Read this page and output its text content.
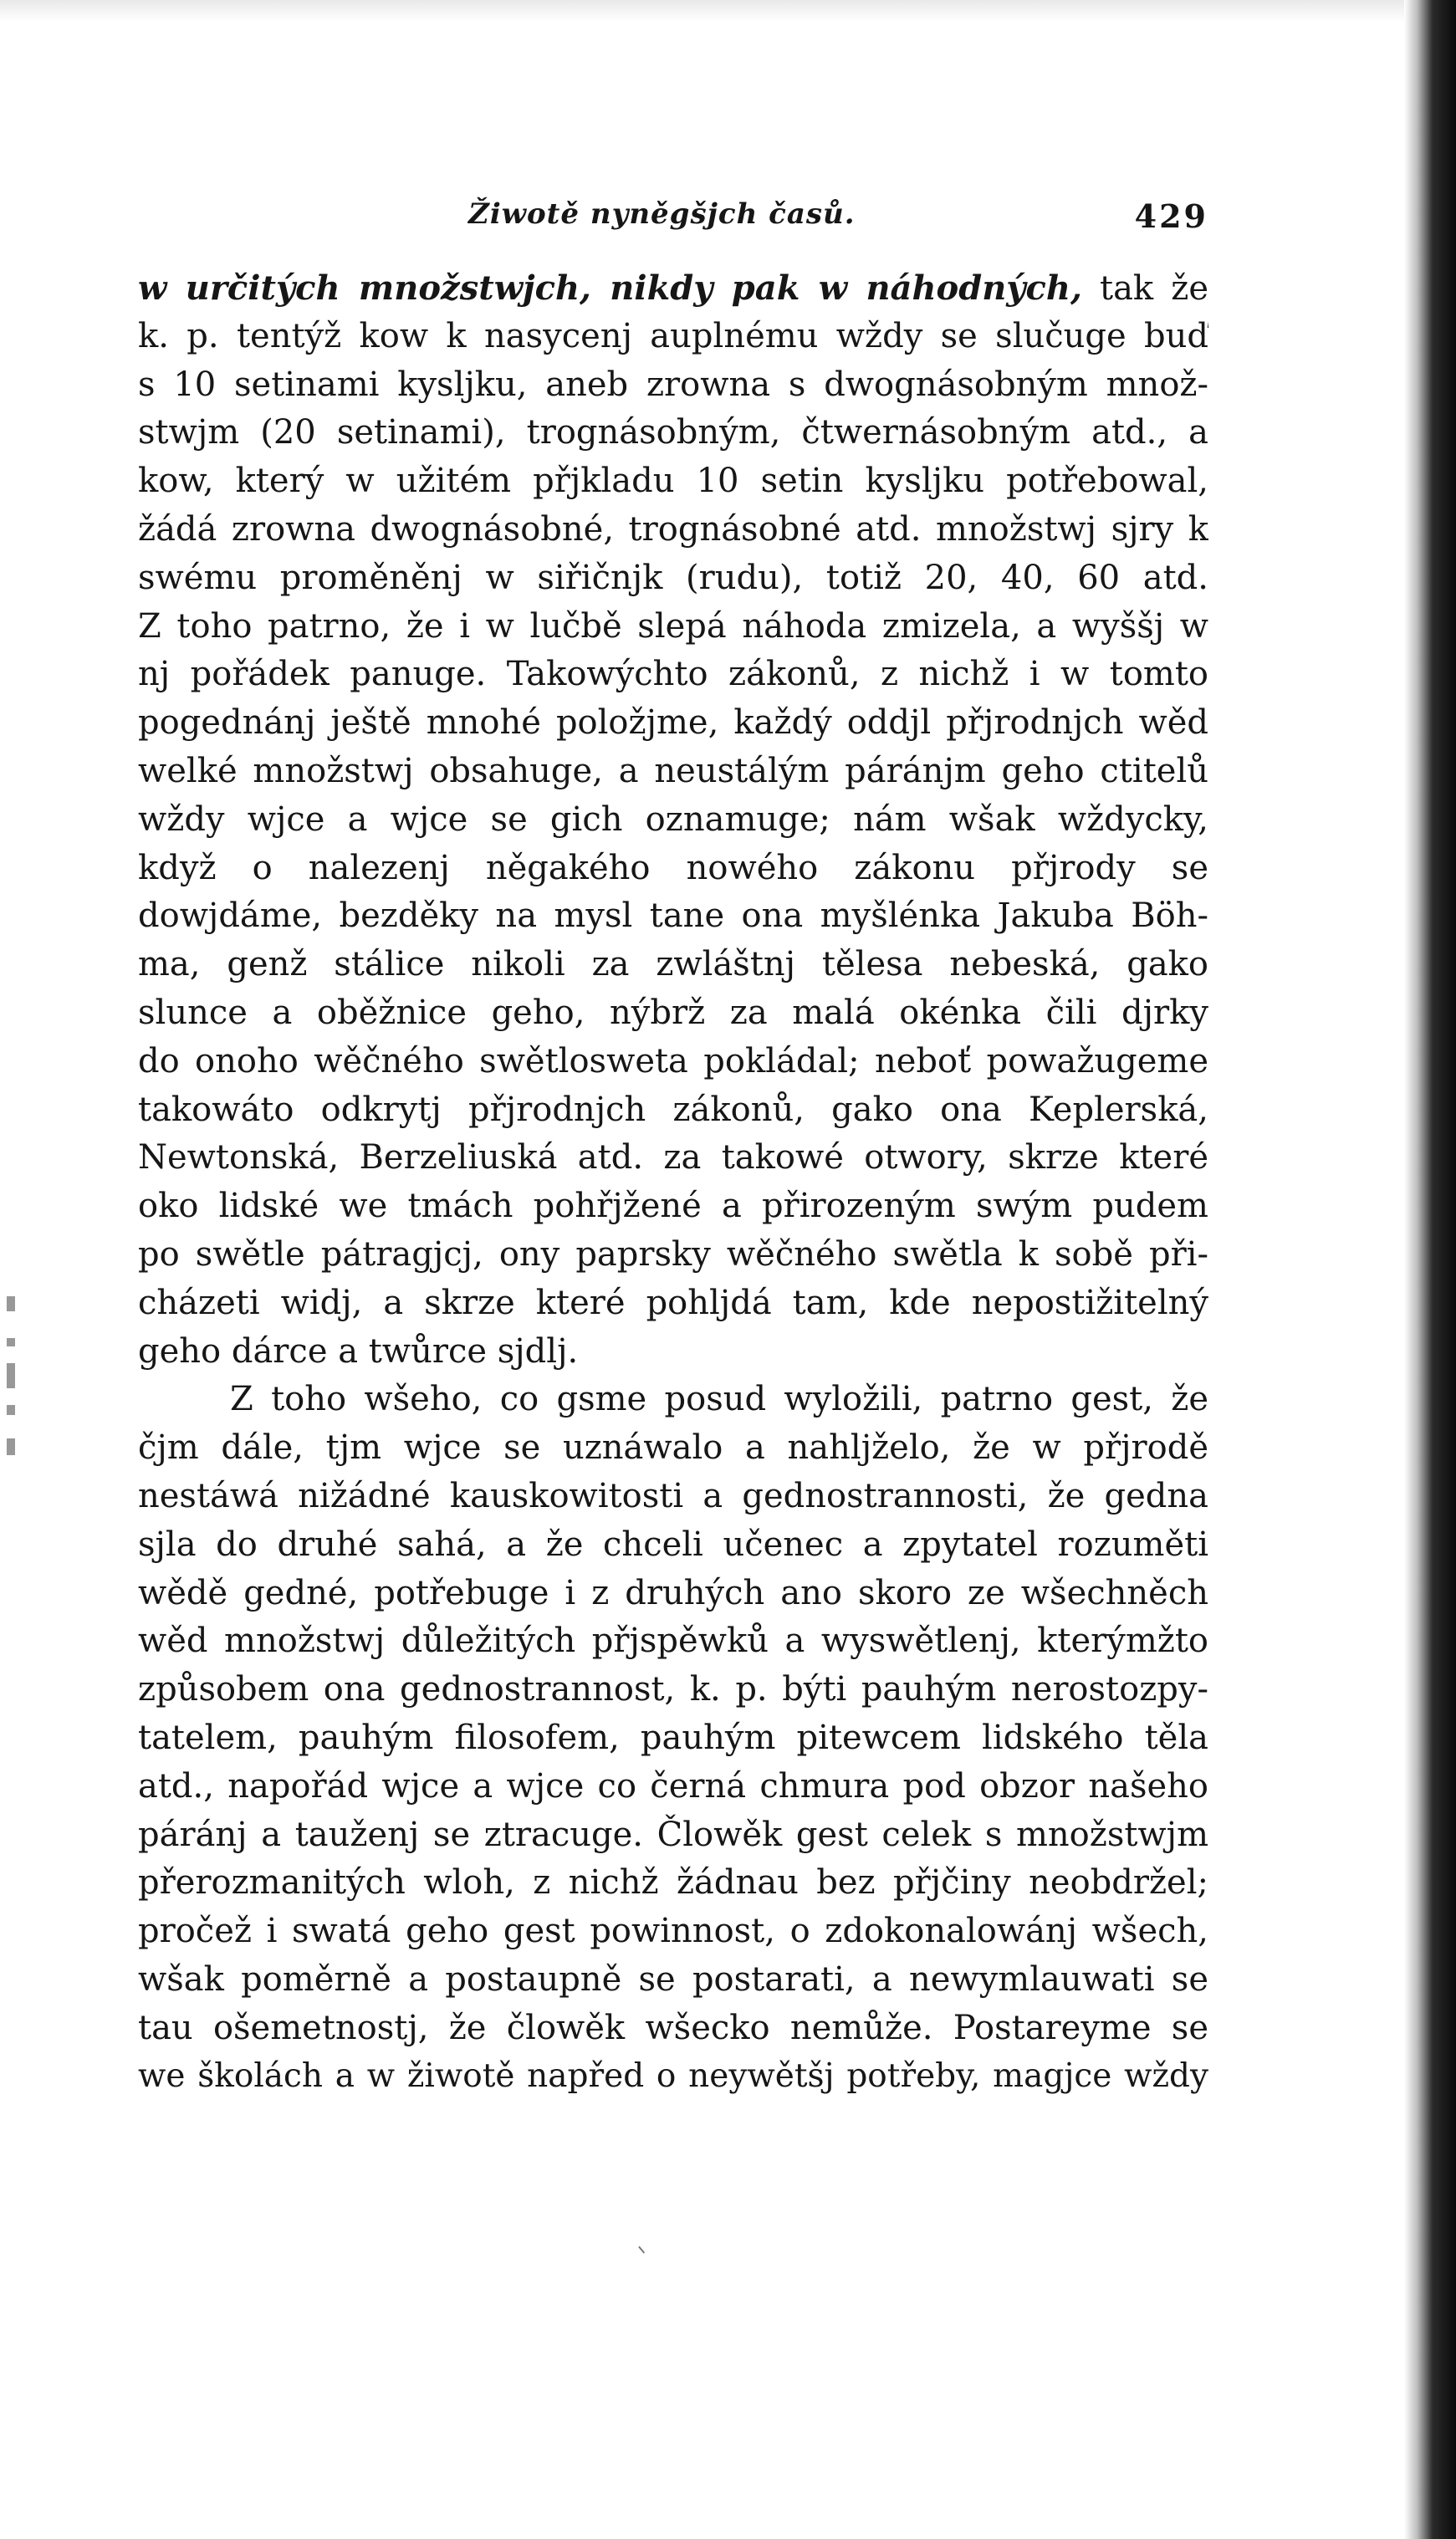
Žiwotě nyněgšjch časů.	429
w určitých množstwjch, nikdy pak w náhodných, tak že
k. p. tentýž kow k nasycenj auplnému wždy se slučuge buď
s 10 setinami kysljku, aneb zrowna s dwognásobným množ-
stwjm (20 setinami), trognásobným, čtwernásobným atd., a
kow, který w užitém přjkladu 10 setin kysljku potřebowal,
žádá zrowna dwognásobné, trognásobné atd. množstwj sjry k
swému proměněnj w siřičnjk (rudu), totiž 20, 40, 60 atd.
Z toho patrno, že i w lučbě slepá náhoda zmizela, a wyššj w
nj pořádek panuge. Takowýchto zákonů, z nichž i w tomto
pogednánj ještě mnohé položjme, každý oddjl přjrodnjch wěd
welké množstwj obsahuge, a neustálým páránjm geho ctitelů
wždy wjce a wjce se gich oznamuge; nám wšak wždycky,
když o nalezenj něgakého nowého zákonu přjrody se
dowjdáme, bezděky na mysl tane ona myšlénka Jakuba Böh-
ma, genž stálice nikoli za zwláštnj tělesa nebeská, gako
slunce a oběžnice geho, nýbrž za malá okénka čili djrky
do onoho wěčného swětlosweta pokládal; neboť powažugeme
takowáto odkrytj přjrodnjch zákonů, gako ona Keplerská,
Newtonská, Berzeliuská atd. za takowé otwory, skrze které
oko lidské we tmách pohřjžené a přirozeným swým pudem
po swětle pátragjcj, ony paprsky wěčného swětla k sobě při-
cházeti widj, a skrze které pohljdá tam, kde nepostižitelný
geho dárce a twůrce sjdlj.
Z toho wšeho, co gsme posud wyložili, patrno gest, že
čjm dále, tjm wjce se uznáwalo a nahljželo, že w přjrodě
nestáwá nižádné kauskowitosti a gednostrannosti, že gedna
sjla do druhé sahá, a že chceli učenec a zpytatel rozuměti
wědě gedné, potřebuge i z druhých ano skoro ze wšechněch
wěd množstwj důležitých přjspěwků a wyswětlenj, kterýmžto
způsobem ona gednostrannost, k. p. býti pauhým nerostozpy-
tatelem, pauhým filosofem, pauhým pitewcem lidského těla
atd., napořád wjce a wjce co černá chmura pod obzor našeho
páránj a tauženj se ztracuge. Člowěk gest celek s množstwjm
přerozmanitých wloh, z nichž žádnau bez přjčiny neobdržel;
pročež i swatá geho gest powinnost, o zdokonalowánj wšech,
wšak poměrně a postaupně se postarati, a newymlauwati se
tau ošemetnostj, že člowěk wšecko nemůže. Postareyme se
we školách a w žiwotě napřed o neywětšj potřeby, magjce wždy
